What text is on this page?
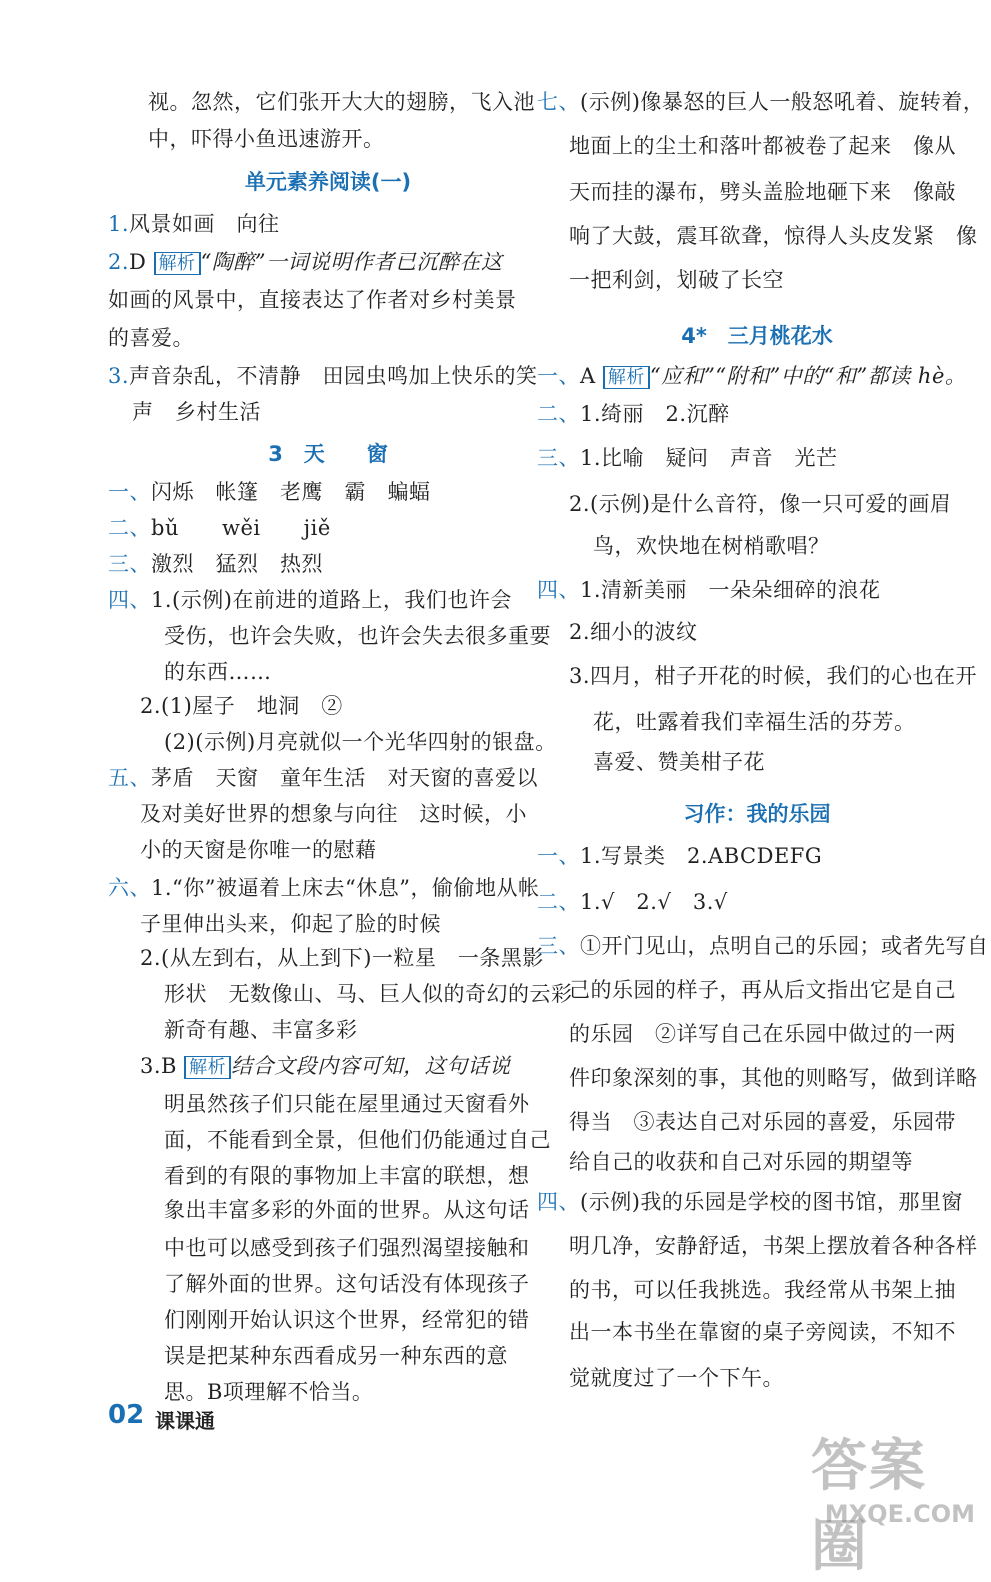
视。忽然，它们张开大大的翅膀，飞入池
中，吓得小鱼迅速游开。
单元素养阅读(一)
1.风景如画　向往
2.D 解析 “陶醉”一词说明作者已沉醉在这
如画的风景中，直接表达了作者对乡村美景
的喜爱。
3.声音杂乱，不清静　田园虫鸣加上快乐的笑
声　乡村生活
3　天　　窗
一、闪烁　帐篷　老鹰　霸　蝙蝠
二、bǔ　　wěi　　jiě
三、激烈　猛烈　热烈
四、1.(示例)在前进的道路上，我们也许会
受伤，也许会失败，也许会失去很多重要
的东西……
2.(1)屋子　地洞　②
(2)(示例)月亮就似一个光华四射的银盘。
五、茅盾　天窗　童年生活　对天窗的喜爱以
及对美好世界的想象与向往　这时候，小
小的天窗是你唯一的慰藉
六、1.“你”被逼着上床去“休息”，偷偷地从帐
子里伸出头来，仰起了脸的时候
2.(从左到右，从上到下)一粒星　一条黑影
形状　无数像山、马、巨人似的奇幻的云彩
新奇有趣、丰富多彩
3.B 解析 结合文段内容可知，这句话说
明虽然孩子们只能在屋里通过天窗看外
面，不能看到全景，但他们仍能通过自己
看到的有限的事物加上丰富的联想，想
象出丰富多彩的外面的世界。从这句话
中也可以感受到孩子们强烈渴望接触和
了解外面的世界。这句话没有体现孩子
们刚刚开始认识这个世界，经常犯的错
误是把某种东西看成另一种东西的意
思。B项理解不恰当。
七、(示例)像暴怒的巨人一般怒吼着、旋转着，
地面上的尘土和落叶都被卷了起来　像从
天而挂的瀑布，劈头盖脸地砸下来　像敲
响了大鼓，震耳欲聋，惊得人头皮发紧　像
一把利剑，划破了长空
4*　三月桃花水
一、A 解析 “应和”“附和”中的“和”都读 hè。
二、1.绮丽　2.沉醉
三、1.比喻　疑问　声音　光芒
2.(示例)是什么音符，像一只可爱的画眉
鸟，欢快地在树梢歌唱？
四、1.清新美丽　一朵朵细碎的浪花
2.细小的波纹
3.四月，柑子开花的时候，我们的心也在开
花，吐露着我们幸福生活的芬芳。
喜爱、赞美柑子花
习作：我的乐园
一、1.写景类　2.ABCDEFG
二、1.√　2.√　3.√
三、①开门见山，点明自己的乐园；或者先写自
己的乐园的样子，再从后文指出它是自己
的乐园　②详写自己在乐园中做过的一两
件印象深刻的事，其他的则略写，做到详略
得当　③表达自己对乐园的喜爱，乐园带
给自己的收获和自己对乐园的期望等
四、(示例)我的乐园是学校的图书馆，那里窗
明几净，安静舒适，书架上摆放着各种各样
的书，可以任我挑选。我经常从书架上抽
出一本书坐在靠窗的桌子旁阅读，不知不
觉就度过了一个下午。
02 课课通
答案圈
MXQE.COM
